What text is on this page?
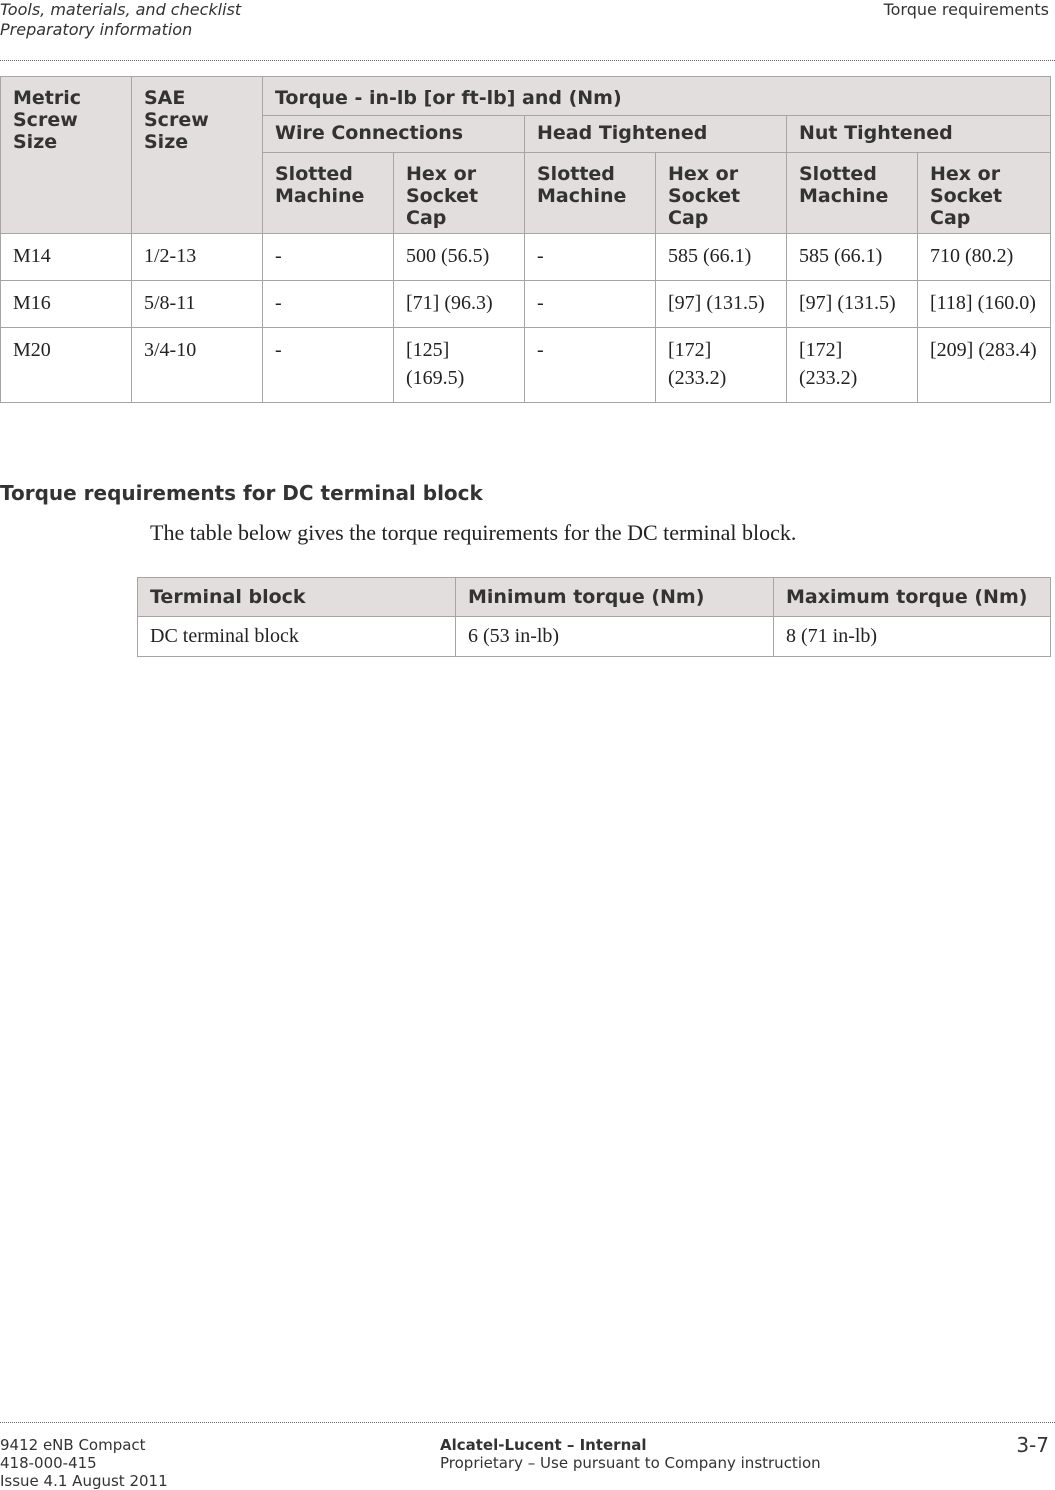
Tools, materials, and checklist
Preparatory information
Torque requirements
Metric Screw Size	SAE Screw Size	Torque - in-lb [or ft-lb] and (Nm)					
		Wire Connections		Head Tightened		Nut Tightened	
		Slotted Machine	Hex or Socket Cap	Slotted Machine	Hex or Socket Cap	Slotted Machine	Hex or Socket Cap
M14	1/2-13	-	500 (56.5)	-	585 (66.1)	585 (66.1)	710 (80.2)
M16	5/8-11	-	[71] (96.3)	-	[97] (131.5)	[97] (131.5)	[118] (160.0)
M20	3/4-10	-	[125] (169.5)	-	[172] (233.2)	[172] (233.2)	[209] (283.4)
Torque requirements for DC terminal block
The table below gives the torque requirements for the DC terminal block.
Terminal block	Minimum torque (Nm)	Maximum torque (Nm)
DC terminal block	6 (53 in-lb)	8 (71 in-lb)
9412 eNB Compact
418-000-415
Issue 4.1 August 2011
Alcatel-Lucent – Internal
Proprietary – Use pursuant to Company instruction
3-7
